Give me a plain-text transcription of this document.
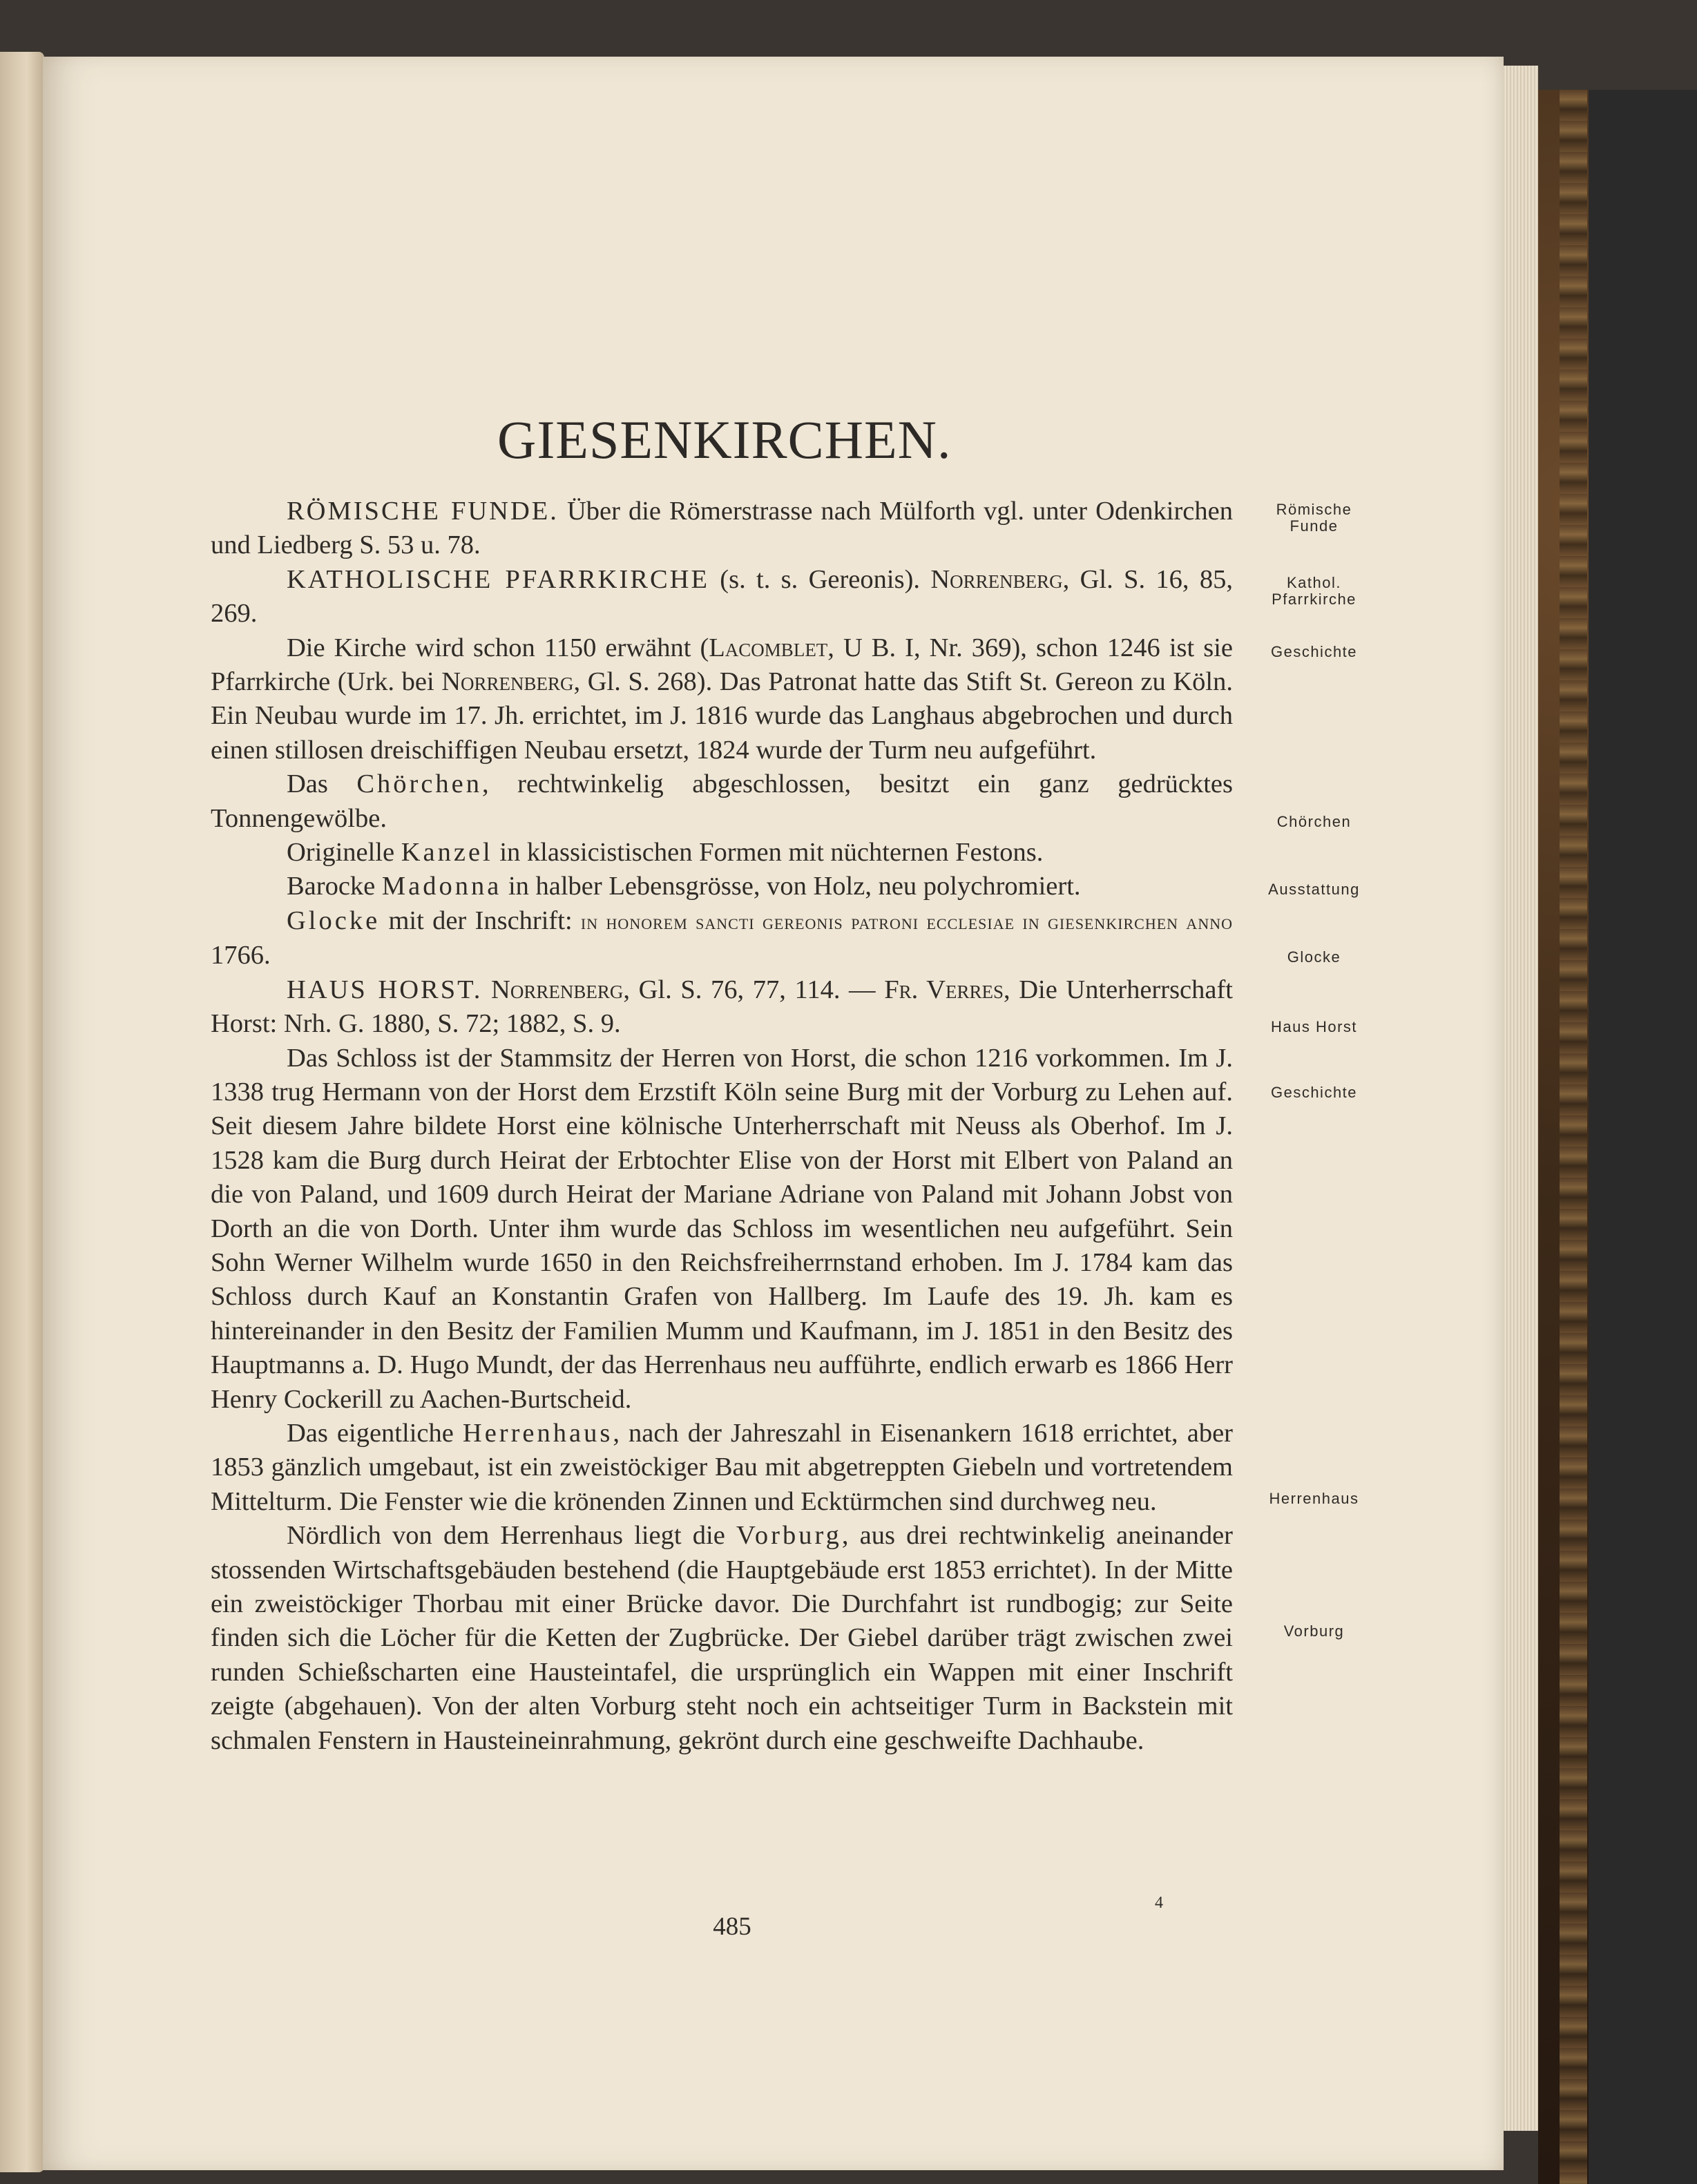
GIESENKIRCHEN.

RÖMISCHE FUNDE. Über die Römerstrasse nach Mülforth vgl. unter Odenkirchen und Liedberg S. 53 u. 78.

KATHOLISCHE PFARRKIRCHE (s. t. s. Gereonis). Norrenberg, Gl. S. 16, 85, 269.

Die Kirche wird schon 1150 erwähnt (Lacomblet, U B. I, Nr. 369), schon 1246 ist sie Pfarrkirche (Urk. bei Norrenberg, Gl. S. 268). Das Patronat hatte das Stift St. Gereon zu Köln. Ein Neubau wurde im 17. Jh. errichtet, im J. 1816 wurde das Langhaus abgebrochen und durch einen stillosen dreischiffigen Neubau ersetzt, 1824 wurde der Turm neu aufgeführt.

Das Chörchen, rechtwinkelig abgeschlossen, besitzt ein ganz gedrücktes Tonnengewölbe.

Originelle Kanzel in klassicistischen Formen mit nüchternen Festons.

Barocke Madonna in halber Lebensgrösse, von Holz, neu polychromiert.

Glocke mit der Inschrift: in honorem sancti gereonis patroni ecclesiae in giesenkirchen anno 1766.

HAUS HORST. Norrenberg, Gl. S. 76, 77, 114. — Fr. Verres, Die Unterherrschaft Horst: Nrh. G. 1880, S. 72; 1882, S. 9.

Das Schloss ist der Stammsitz der Herren von Horst, die schon 1216 vorkommen. Im J. 1338 trug Hermann von der Horst dem Erzstift Köln seine Burg mit der Vorburg zu Lehen auf. Seit diesem Jahre bildete Horst eine kölnische Unterherrschaft mit Neuss als Oberhof. Im J. 1528 kam die Burg durch Heirat der Erbtochter Elise von der Horst mit Elbert von Paland an die von Paland, und 1609 durch Heirat der Mariane Adriane von Paland mit Johann Jobst von Dorth an die von Dorth. Unter ihm wurde das Schloss im wesentlichen neu aufgeführt. Sein Sohn Werner Wilhelm wurde 1650 in den Reichsfreiherrnstand erhoben. Im J. 1784 kam das Schloss durch Kauf an Konstantin Grafen von Hallberg. Im Laufe des 19. Jh. kam es hintereinander in den Besitz der Familien Mumm und Kaufmann, im J. 1851 in den Besitz des Hauptmanns a. D. Hugo Mundt, der das Herrenhaus neu aufführte, endlich erwarb es 1866 Herr Henry Cockerill zu Aachen-Burtscheid.

Das eigentliche Herrenhaus, nach der Jahreszahl in Eisenankern 1618 errichtet, aber 1853 gänzlich umgebaut, ist ein zweistöckiger Bau mit abgetreppten Giebeln und vortretendem Mittelturm. Die Fenster wie die krönenden Zinnen und Ecktürmchen sind durchweg neu.

Nördlich von dem Herrenhaus liegt die Vorburg, aus drei rechtwinkelig aneinander stossenden Wirtschaftsgebäuden bestehend (die Hauptgebäude erst 1853 errichtet). In der Mitte ein zweistöckiger Thorbau mit einer Brücke davor. Die Durchfahrt ist rundbogig; zur Seite finden sich die Löcher für die Ketten der Zugbrücke. Der Giebel darüber trägt zwischen zwei runden Schießscharten eine Hausteintafel, die ursprünglich ein Wappen mit einer Inschrift zeigte (abgehauen). Von der alten Vorburg steht noch ein achtseitiger Turm in Backstein mit schmalen Fenstern in Hausteineinrahmung, gekrönt durch eine geschweifte Dachhaube.

Römische Funde
Kathol. Pfarrkirche
Geschichte
Chörchen
Ausstattung
Glocke
Haus Horst
Geschichte
Herrenhaus
Vorburg
4
485
